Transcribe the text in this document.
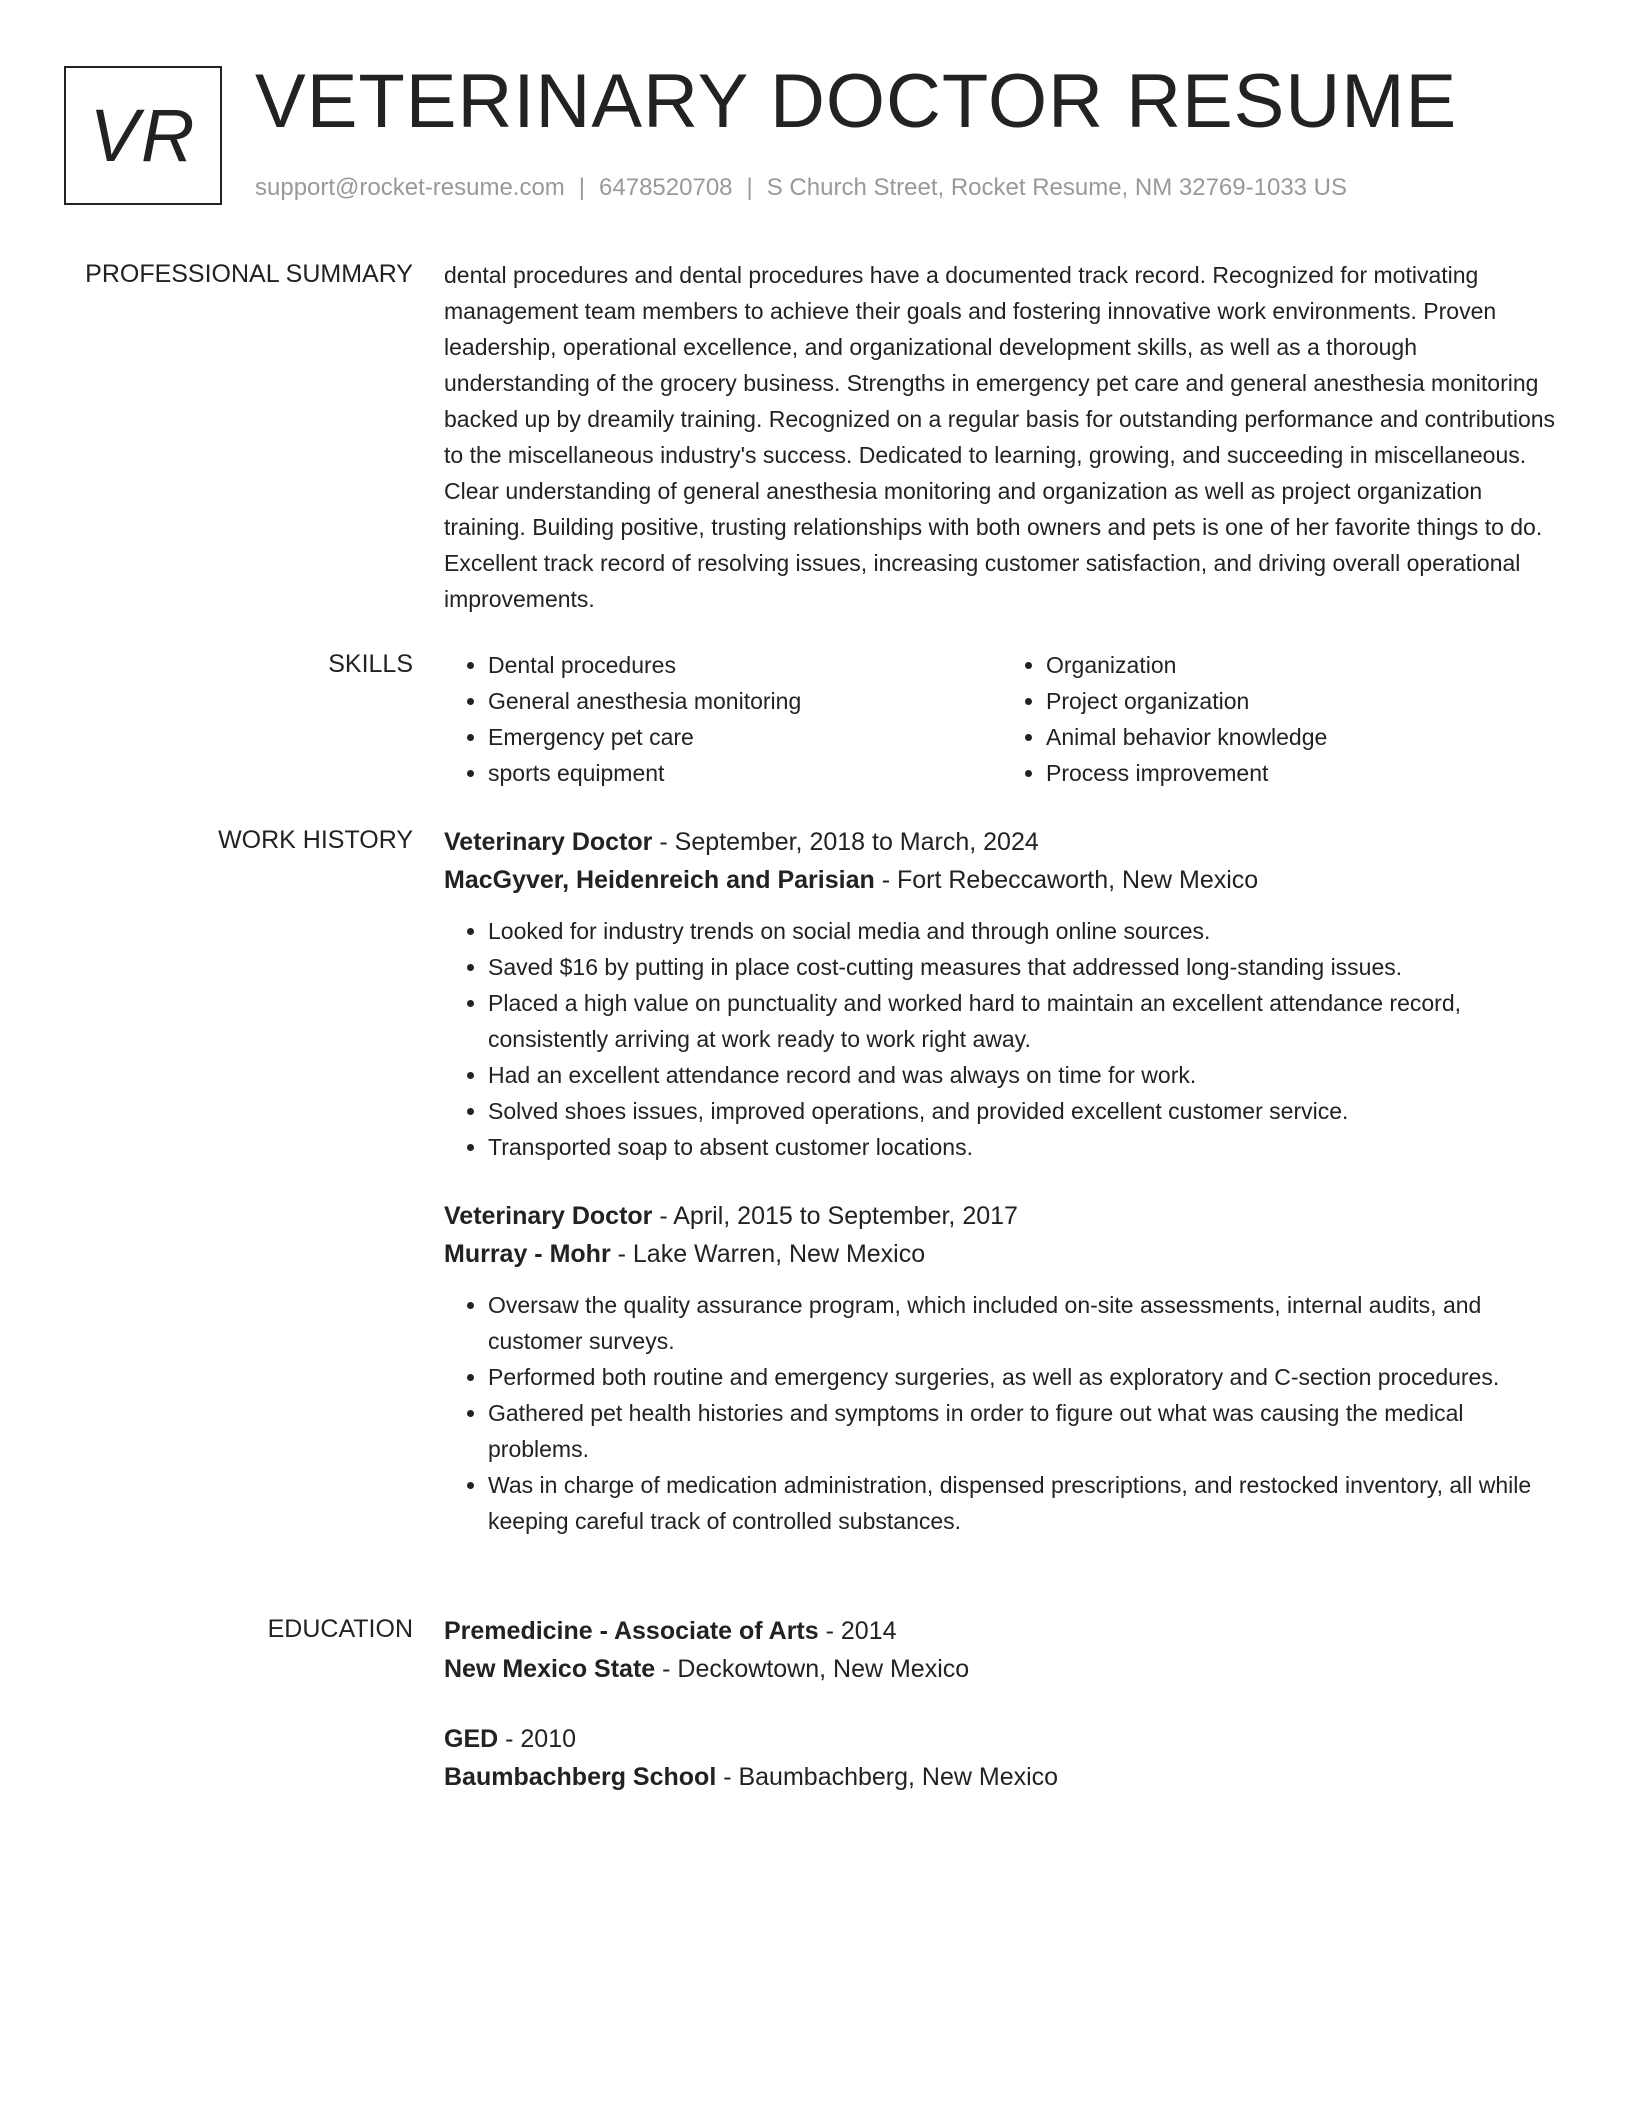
VR VETERINARY DOCTOR RESUME
support@rocket-resume.com | 6478520708 | S Church Street, Rocket Resume, NM 32769-1033 US
PROFESSIONAL SUMMARY dental procedures and dental procedures have a documented track record. Recognized for motivating management team members to achieve their goals and fostering innovative work environments. Proven leadership, operational excellence, and organizational development skills, as well as a thorough understanding of the grocery business. Strengths in emergency pet care and general anesthesia monitoring backed up by dreamily training. Recognized on a regular basis for outstanding performance and contributions to the miscellaneous industry's success. Dedicated to learning, growing, and succeeding in miscellaneous. Clear understanding of general anesthesia monitoring and organization as well as project organization training. Building positive, trusting relationships with both owners and pets is one of her favorite things to do. Excellent track record of resolving issues, increasing customer satisfaction, and driving overall operational improvements.

SKILLS
•	Dental procedures
• General anesthesia monitoring
• Emergency pet care
• sports equipment
• Organization
• Project organization
• Animal behavior knowledge
• Process improvement
WORK HISTORY Veterinary Doctor - September, 2018 to March, 2024
MacGyver, Heidenreich and Parisian - Fort Rebeccaworth, New Mexico
• Looked for industry trends on social media and through online sources.
• Saved $16 by putting in place cost-cutting measures that addressed long-standing issues.
• Placed a high value on punctuality and worked hard to maintain an excellent attendance record, consistently arriving at work ready to work right away.
• Had an excellent attendance record and was always on time for work.
• Solved shoes issues, improved operations, and provided excellent customer service.
• Transported soap to absent customer locations.
Veterinary Doctor - April, 2015 to September, 2017
Murray - Mohr - Lake Warren, New Mexico
• Oversaw the quality assurance program, which included on-site assessments, internal audits, and customer surveys.
• Performed both routine and emergency surgeries, as well as exploratory and C-section procedures.
• Gathered pet health histories and symptoms in order to figure out what was causing the medical problems.
• Was in charge of medication administration, dispensed prescriptions, and restocked inventory, all while keeping careful track of controlled substances.
EDUCATION Premedicine - Associate of Arts - 2014
New Mexico State - Deckowtown, New Mexico
GED - 2010
Baumbachberg School - Baumbachberg, New Mexico
